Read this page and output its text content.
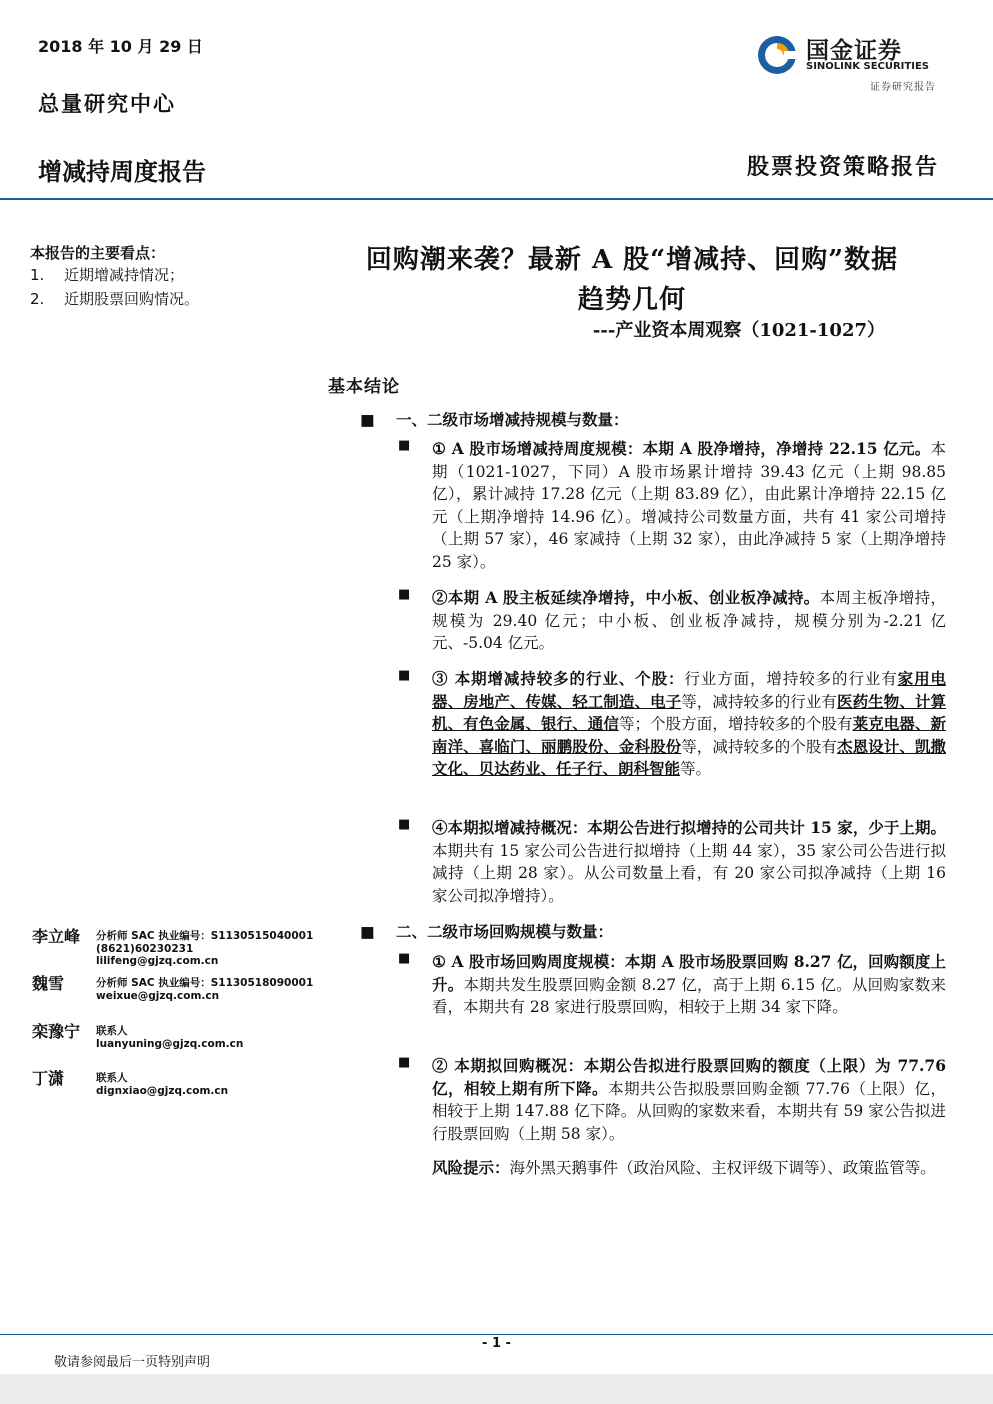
2018 年 10 月 29 日
总量研究中心
增减持周度报告	股票投资策略报告
国金证券
SINOLINK SECURITIES
证券研究报告
本报告的主要看点：
1. 近期增减持情况；
2. 近期股票回购情况。
回购潮来袭？最新 A 股“增减持、回购”数据
趋势几何
---产业资本周观察（1021-1027）
基本结论
■ 一、二级市场增减持规模与数量：
■ ① A 股市场增减持周度规模：本期 A 股净增持，净增持 22.15 亿元。本期（1021-1027，下同）A 股市场累计增持 39.43 亿元（上期 98.85 亿），累计减持 17.28 亿元（上期 83.89 亿），由此累计净增持 22.15 亿元（上期净增持 14.96 亿）。增减持公司数量方面，共有 41 家公司增持（上期 57 家），46 家减持（上期 32 家），由此净减持 5 家（上期净增持 25 家）。
■ ②本期 A 股主板延续净增持，中小板、创业板净减持。本周主板净增持，规模为 29.40 亿元；中小板、创业板净减持，规模分别为-2.21 亿元、-5.04 亿元。
■ ③ 本期增减持较多的行业、个股：行业方面，增持较多的行业有家用电器、房地产、传媒、轻工制造、电子等，减持较多的行业有医药生物、计算机、有色金属、银行、通信等；个股方面，增持较多的个股有莱克电器、新南洋、喜临门、丽鹏股份、金科股份等，减持较多的个股有杰恩设计、凯撒文化、贝达药业、任子行、朗科智能等。
■ ④本期拟增减持概况：本期公告进行拟增持的公司共计 15 家，少于上期。本期共有 15 家公司公告进行拟增持（上期 44 家），35 家公司公告进行拟减持（上期 28 家）。从公司数量上看，有 20 家公司拟净减持（上期 16 家公司拟净增持）。
■ 二、二级市场回购规模与数量：
■ ① A 股市场回购周度规模：本期 A 股市场股票回购 8.27 亿，回购额度上升。本期共发生股票回购金额 8.27 亿，高于上期 6.15 亿。从回购家数来看，本期共有 28 家进行股票回购，相较于上期 34 家下降。
■ ② 本期拟回购概况：本期公告拟进行股票回购的额度（上限）为 77.76 亿，相较上期有所下降。本期共公告拟股票回购金额 77.76（上限）亿，相较于上期 147.88 亿下降。从回购的家数来看，本期共有 59 家公告拟进行股票回购（上期 58 家）。
风险提示：海外黑天鹅事件（政治风险、主权评级下调等）、政策监管等。
李立峰 分析师 SAC 执业编号：S1130515040001
(8621)60230231
lilifeng@gjzq.com.cn
魏雪	分析师 SAC 执业编号：S1130518090001
weixue@gjzq.com.cn
栾豫宁 联系人
luanyuning@gjzq.com.cn
丁潇	联系人
dignxiao@gjzq.com.cn
- 1 -
敬请参阅最后一页特别声明
